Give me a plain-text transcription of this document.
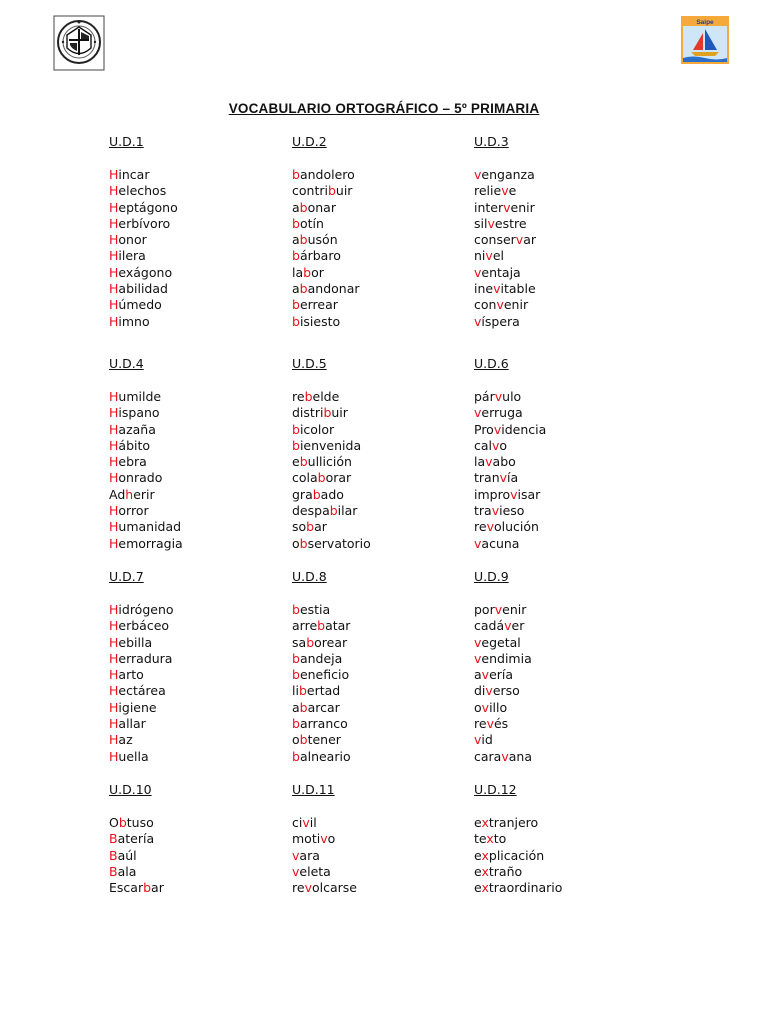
Saipe
VOCABULARIO ORTOGRÁFICO – 5º PRIMARIA
U.D.1
Hincar
Helechos
Heptágono
Herbívoro
Honor
Hilera
Hexágono
Habilidad
Húmedo
Himno
U.D.2
bandolero
contribuir
abonar
botín
abusón
bárbaro
labor
abandonar
berrear
bisiesto
U.D.3
venganza
relieve
intervenir
silvestre
conservar
nivel
ventaja
inevitable
convenir
víspera
U.D.4
Humilde
Hispano
Hazaña
Hábito
Hebra
Honrado
Adherir
Horror
Humanidad
Hemorragia
U.D.5
rebelde
distribuir
bicolor
bienvenida
ebullición
colaborar
grabado
despabilar
sobar
observatorio
U.D.6
párvulo
verruga
Providencia
calvo
lavabo
tranvía
improvisar
travieso
revolución
vacuna
U.D.7
Hidrógeno
Herbáceo
Hebilla
Herradura
Harto
Hectárea
Higiene
Hallar
Haz
Huella
U.D.8
bestia
arrebatar
saborear
bandeja
beneficio
libertad
abarcar
barranco
obtener
balneario
U.D.9
porvenir
cadáver
vegetal
vendimia
avería
diverso
ovillo
revés
vid
caravana
U.D.10
Obtuso
Batería
Baúl
Bala
Escarbar
U.D.11
civil
motivo
vara
veleta
revolcarse
U.D.12
extranjero
texto
explicación
extraño
extraordinario
